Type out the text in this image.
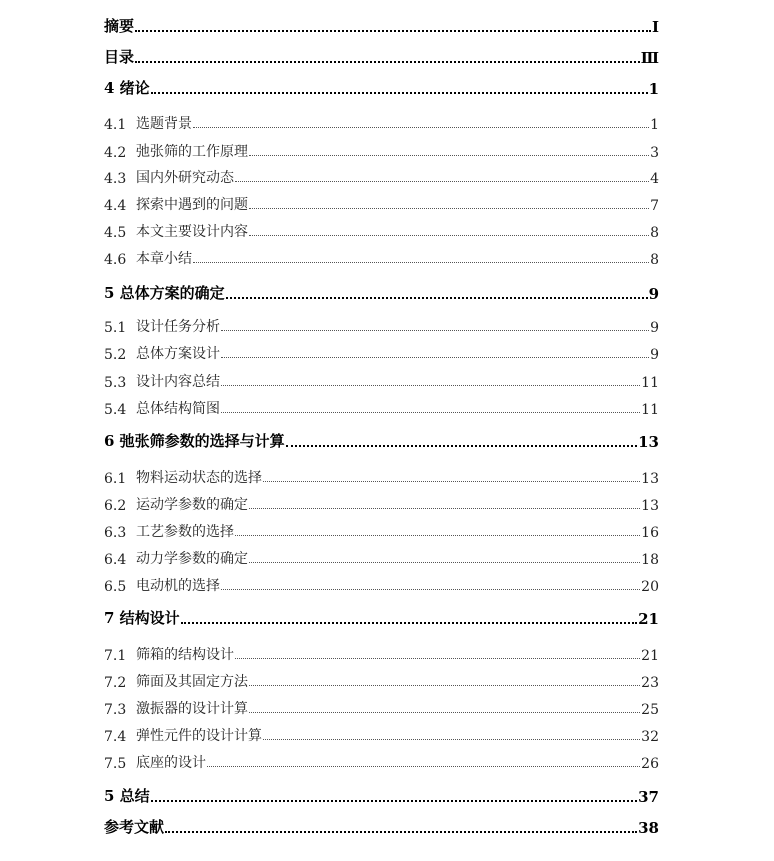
摘要	I
目录	Ⅲ
4 绪论	1
4.1 选题背景	1
4.2 弛张筛的工作原理	3
4.3 国内外研究动态	4
4.4 探索中遇到的问题	7
4.5 本文主要设计内容	8
4.6 本章小结	8
5 总体方案的确定	9
5.1 设计任务分析	9
5.2 总体方案设计	9
5.3 设计内容总结	11
5.4 总体结构简图	11
6 弛张筛参数的选择与计算	13
6.1 物料运动状态的选择	13
6.2 运动学参数的确定	13
6.3 工艺参数的选择	16
6.4 动力学参数的确定	18
6.5 电动机的选择	20
7 结构设计	21
7.1 筛箱的结构设计	21
7.2 筛面及其固定方法	23
7.3 激振器的设计计算	25
7.4 弹性元件的设计计算	32
7.5 底座的设计	26
5 总结	37
参考文献	38
